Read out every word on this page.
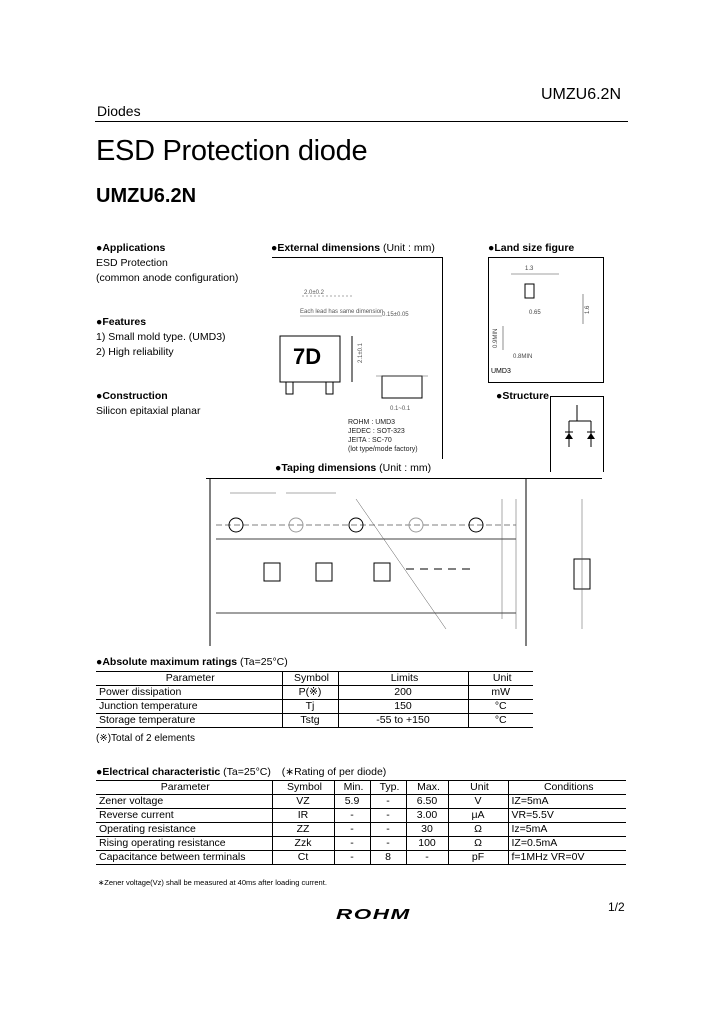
UMZU6.2N
Diodes
ESD Protection diode
UMZU6.2N
●Applications
ESD Protection
(common anode configuration)
●Features
1) Small mold type. (UMD3)
2) High reliability
●Construction
Silicon epitaxial planar
●External dimensions (Unit : mm)
2.0±0.2
Each lead has same dimension
0.15±0.05
2.1±0.1
0.1~0.1
7D
ROHM : UMD3
JEDEC : SOT-323
JEITA : SC-70
(lot type/mode factory)
●Land size figure
1.3
0.65
0.9MIN
0.8MIN
1.6
UMD3
●Structure
●Taping dimensions (Unit : mm)
●Absolute maximum ratings (Ta=25°C)
Parameter	Symbol	Limits	Unit
Power dissipation	P(※)	200	mW
Junction temperature	Tj	150	°C
Storage temperature	Tstg	-55 to +150	°C
(※)Total of 2 elements
●Electrical characteristic (Ta=25°C) (∗Rating of per diode)
Parameter	Symbol	Min.	Typ.	Max.	Unit	Conditions
Zener voltage	VZ	5.9	-	6.50	V	IZ=5mA
Reverse current	IR	-	-	3.00	μA	VR=5.5V
Operating resistance	ZZ	-	-	30	Ω	Iz=5mA
Rising operating resistance	Zzk	-	-	100	Ω	IZ=0.5mA
Capacitance between terminals	Ct	-	8	-	pF	f=1MHz VR=0V
∗Zener voltage(Vz) shall be measured at 40ms after loading current.
1/2
ROHM
